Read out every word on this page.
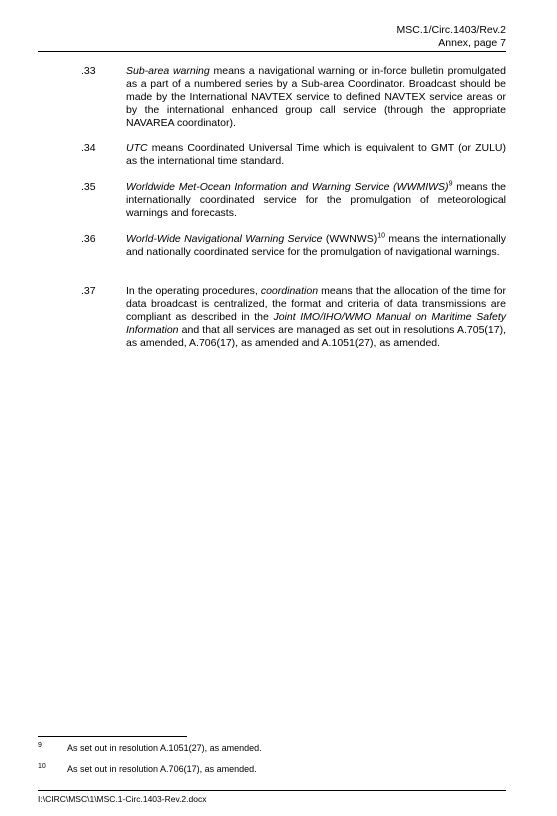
MSC.1/Circ.1403/Rev.2
Annex, page 7
.33	Sub-area warning means a navigational warning or in-force bulletin promulgated as a part of a numbered series by a Sub-area Coordinator. Broadcast should be made by the International NAVTEX service to defined NAVTEX service areas or by the international enhanced group call service (through the appropriate NAVAREA coordinator).
.34	UTC means Coordinated Universal Time which is equivalent to GMT (or ZULU) as the international time standard.
.35	Worldwide Met-Ocean Information and Warning Service (WWMIWS)$^9$ means the internationally coordinated service for the promulgation of meteorological warnings and forecasts.
.36	World-Wide Navigational Warning Service (WWNWS)$^{10}$ means the internationally and nationally coordinated service for the promulgation of navigational warnings.
.37	In the operating procedures, coordination means that the allocation of the time for data broadcast is centralized, the format and criteria of data transmissions are compliant as described in the Joint IMO/IHO/WMO Manual on Maritime Safety Information and that all services are managed as set out in resolutions A.705(17), as amended, A.706(17), as amended and A.1051(27), as amended.
9	As set out in resolution A.1051(27), as amended.
10 As set out in resolution A.706(17), as amended.
I:\CIRC\MSC\1\MSC.1-Circ.1403-Rev.2.docx
